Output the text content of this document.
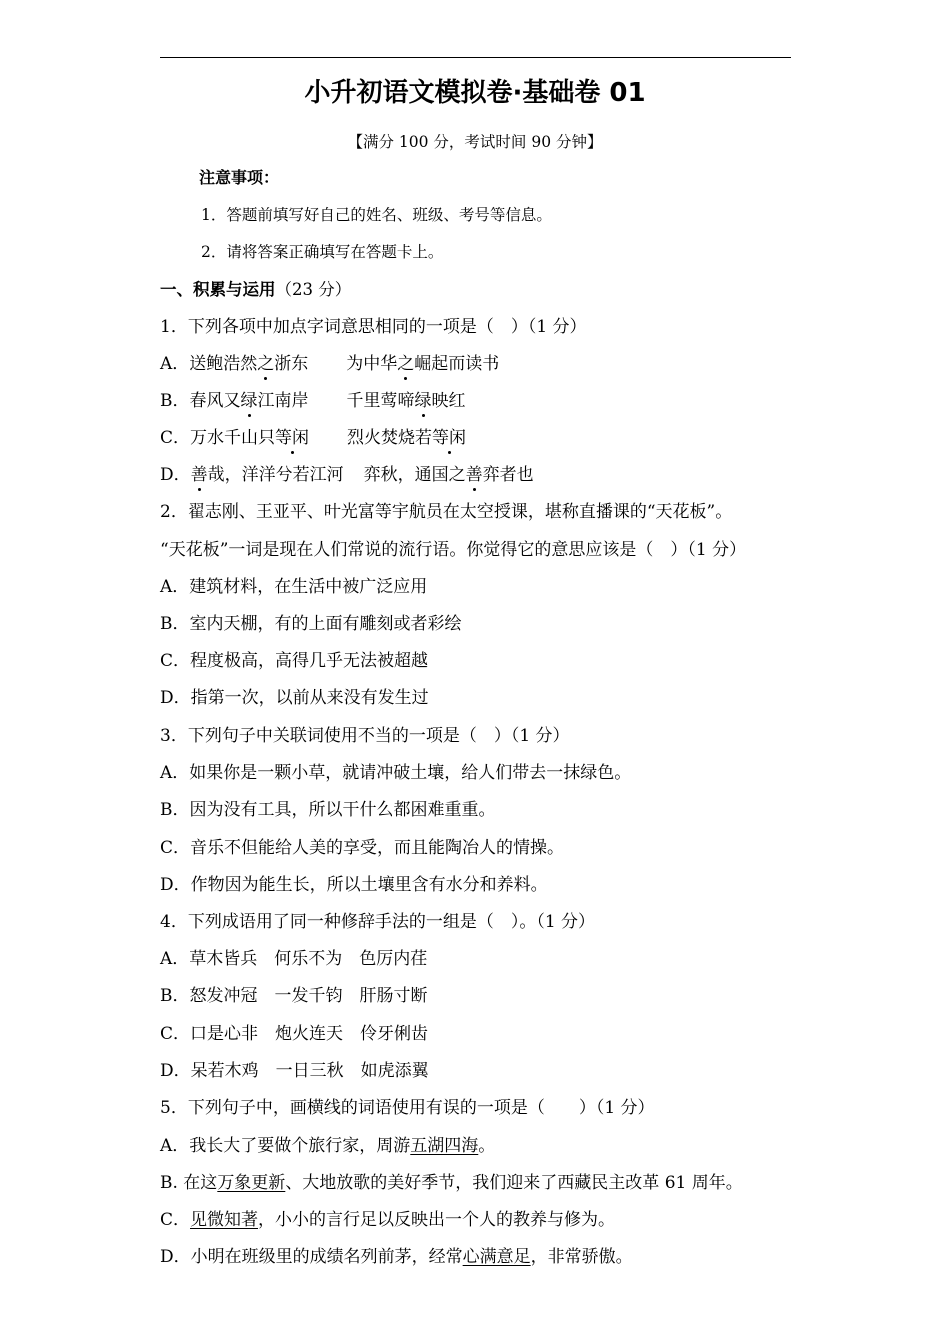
小升初语文模拟卷·基础卷 01
【满分 100 分，考试时间 90 分钟】
注意事项：
1．答题前填写好自己的姓名、班级、考号等信息。
2．请将答案正确填写在答题卡上。
一、积累与运用（23 分）
1．下列各项中加点字词意思相同的一项是（　）（1 分）
A．送鲍浩然之浙东 为中华之崛起而读书
B．春风又绿江南岸 千里莺啼绿映红
C．万水千山只等闲 烈火焚烧若等闲
D．善哉，洋洋兮若江河 弈秋，通国之善弈者也
2．翟志刚、王亚平、叶光富等宇航员在太空授课，堪称直播课的“天花板”。
“天花板”一词是现在人们常说的流行语。你觉得它的意思应该是（　）（1 分）
A．建筑材料，在生活中被广泛应用
B．室内天棚，有的上面有雕刻或者彩绘
C．程度极高，高得几乎无法被超越
D．指第一次，以前从来没有发生过
3．下列句子中关联词使用不当的一项是（　）（1 分）
A．如果你是一颗小草，就请冲破土壤，给人们带去一抹绿色。
B．因为没有工具，所以干什么都困难重重。
C．音乐不但能给人美的享受，而且能陶冶人的情操。
D．作物因为能生长，所以土壤里含有水分和养料。
4．下列成语用了同一种修辞手法的一组是（　）。（1 分）
A．草木皆兵　何乐不为　色厉内荏
B．怒发冲冠　一发千钧　肝肠寸断
C．口是心非　炮火连天　伶牙俐齿
D．呆若木鸡　一日三秋　如虎添翼
5．下列句子中，画横线的词语使用有误的一项是（　　）（1 分）
A．我长大了要做个旅行家，周游五湖四海。
B. 在这万象更新、大地放歌的美好季节，我们迎来了西藏民主改革 61 周年。
C．见微知著，小小的言行足以反映出一个人的教养与修为。
D．小明在班级里的成绩名列前茅，经常心满意足，非常骄傲。
